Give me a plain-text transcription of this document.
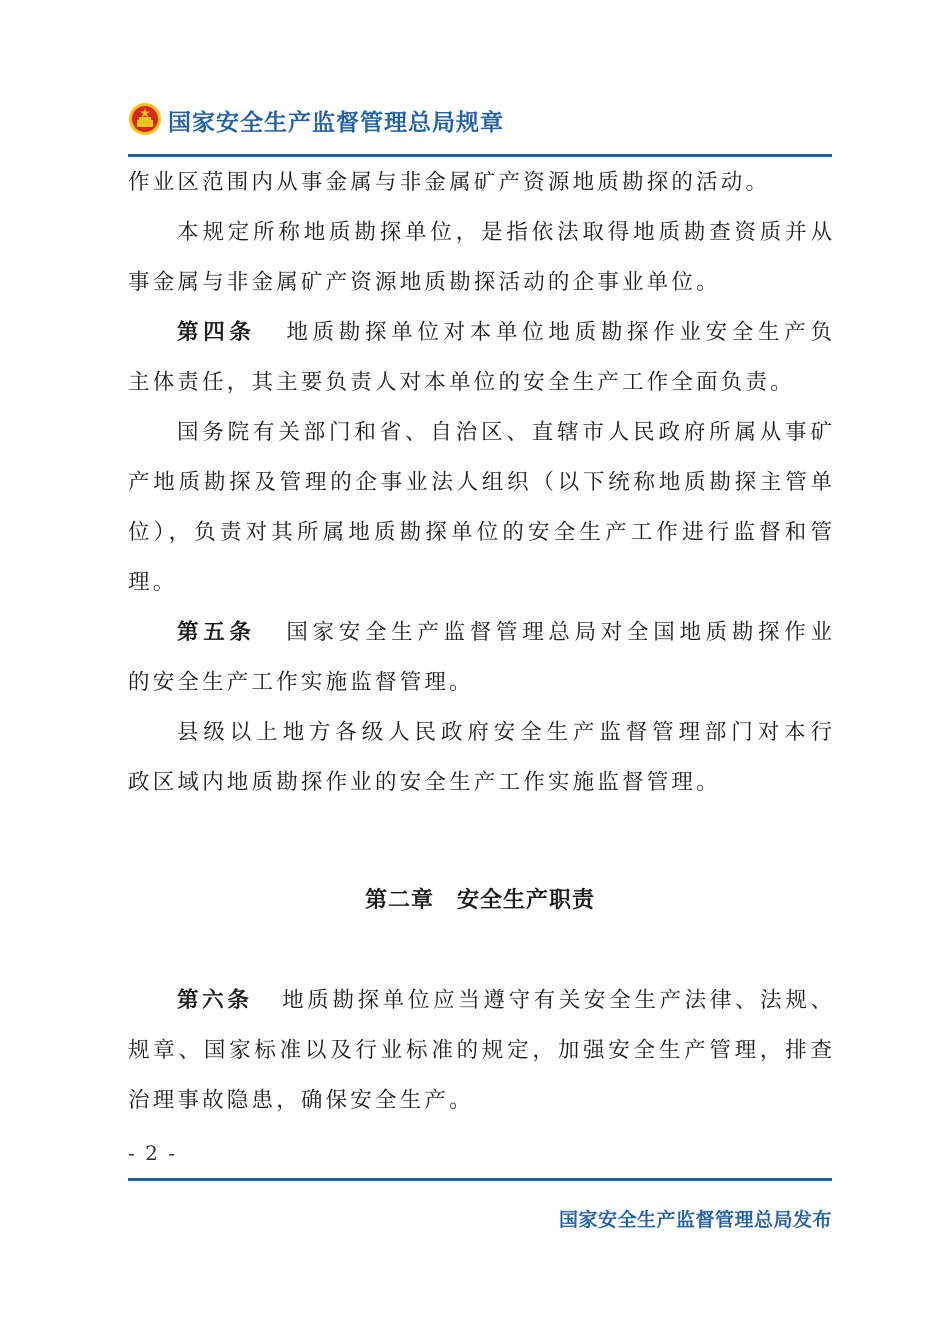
国家安全生产监督管理总局规章
作业区范围内从事金属与非金属矿产资源地质勘探的活动。
本规定所称地质勘探单位，是指依法取得地质勘查资质并从
事金属与非金属矿产资源地质勘探活动的企事业单位。
第四条 地质勘探单位对本单位地质勘探作业安全生产负
主体责任，其主要负责人对本单位的安全生产工作全面负责。
国务院有关部门和省、自治区、直辖市人民政府所属从事矿
产地质勘探及管理的企事业法人组织（以下统称地质勘探主管单
位），负责对其所属地质勘探单位的安全生产工作进行监督和管
理。
第五条 国家安全生产监督管理总局对全国地质勘探作业
的安全生产工作实施监督管理。
县级以上地方各级人民政府安全生产监督管理部门对本行
政区域内地质勘探作业的安全生产工作实施监督管理。
第二章　安全生产职责
第六条 地质勘探单位应当遵守有关安全生产法律、法规、
规章、国家标准以及行业标准的规定，加强安全生产管理，排查
治理事故隐患，确保安全生产。
- 2 -
国家安全生产监督管理总局发布
